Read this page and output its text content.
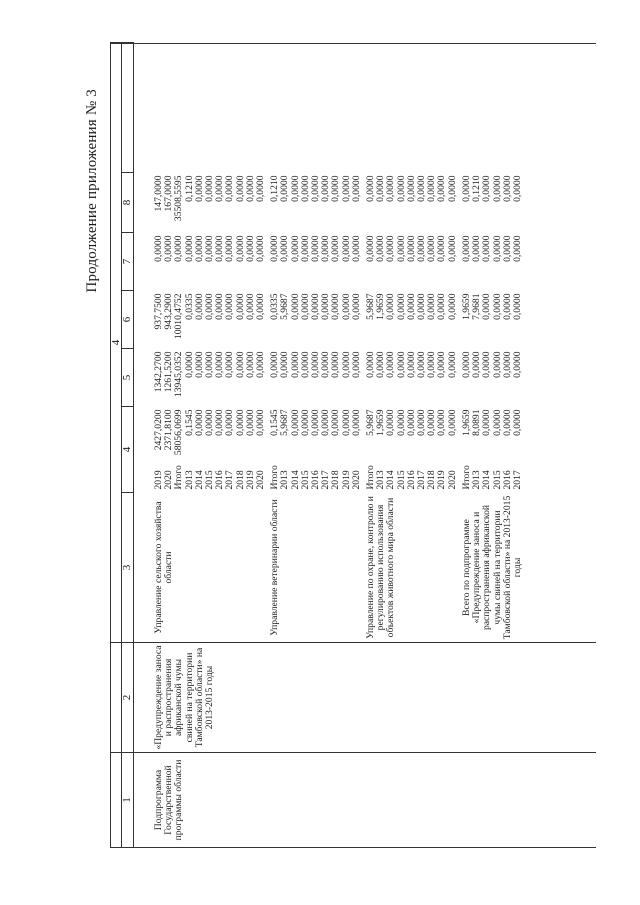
Продолжение приложения № 3
		4							
1	2	3	4		5	6	7	8	
Подпрограмма Государственной программы области	«Предупреждение заноса и распространения африканской чумы свиней на территории Тамбовской области» на 2013-2015 годы	Управление сельского хозяйства области	2019	2427,0200	1342,2700	937,7500	0,0000	147,0000	
			2020	2371,8100	1261,5200	943,2900	0,0000	167,0000	
			Итого	58056,0699	13945,0352	10010,4752	0,0000	35508,5595	
			2013	0,1545	0,0000	0,0335	0,0000	0,1210	
			2014	0,0000	0,0000	0,0000	0,0000	0,0000	
			2015	0,0000	0,0000	0,0000	0,0000	0,0000	
			2016	0,0000	0,0000	0,0000	0,0000	0,0000	
			2017	0,0000	0,0000	0,0000	0,0000	0,0000	
			2018	0,0000	0,0000	0,0000	0,0000	0,0000	
			2019	0,0000	0,0000	0,0000	0,0000	0,0000	
			2020	0,0000	0,0000	0,0000	0,0000	0,0000	
		Управление ветеринарии области	Итого	0,1545	0,0000	0,0335	0,0000	0,1210	
			2013	5,9687	0,0000	5,9687	0,0000	0,0000	
			2014	0,0000	0,0000	0,0000	0,0000	0,0000	
			2015	0,0000	0,0000	0,0000	0,0000	0,0000	
			2016	0,0000	0,0000	0,0000	0,0000	0,0000	
			2017	0,0000	0,0000	0,0000	0,0000	0,0000	
			2018	0,0000	0,0000	0,0000	0,0000	0,0000	
			2019	0,0000	0,0000	0,0000	0,0000	0,0000	
			2020	0,0000	0,0000	0,0000	0,0000	0,0000	
		Управление по охране, контролю и регулированию использования объектов животного мира области	Итого	5,9687	0,0000	5,9687	0,0000	0,0000	
			2013	1,9659	0,0000	1,9659	0,0000	0,0000	
			2014	0,0000	0,0000	0,0000	0,0000	0,0000	
			2015	0,0000	0,0000	0,0000	0,0000	0,0000	
			2016	0,0000	0,0000	0,0000	0,0000	0,0000	
			2017	0,0000	0,0000	0,0000	0,0000	0,0000	
			2018	0,0000	0,0000	0,0000	0,0000	0,0000	
			2019	0,0000	0,0000	0,0000	0,0000	0,0000	
			2020	0,0000	0,0000	0,0000	0,0000	0,0000	
		Всего по подпрограмме «Предупреждение заноса и распространения африканской чумы свиней на территории Тамбовской области» на 2013-2015 годы	Итого	1,9659	0,0000	1,9659	0,0000	0,0000	
			2013	8,0891	0,0000	7,9681	0,0000	0,1210	
			2014	0,0000	0,0000	0,0000	0,0000	0,0000	
			2015	0,0000	0,0000	0,0000	0,0000	0,0000	
			2016	0,0000	0,0000	0,0000	0,0000	0,0000	
			2017	0,0000	0,0000	0,0000	0,0000	0,0000	
